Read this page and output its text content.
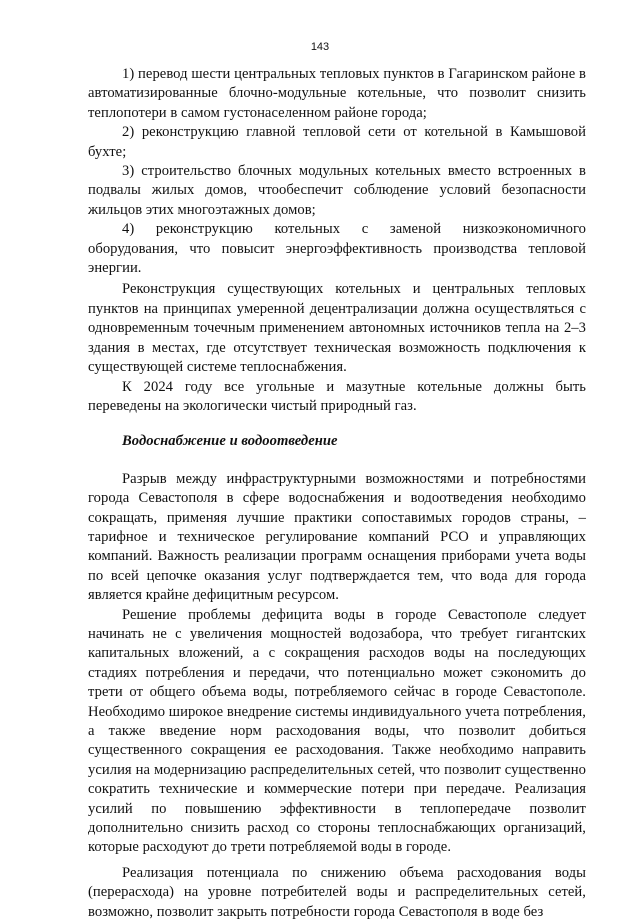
143

1) перевод шести центральных тепловых пунктов в Гагаринском районе в автоматизированные блочно-модульные котельные, что позволит снизить теплопотери в самом густонаселенном районе города;

2) реконструкцию главной тепловой сети от котельной в Камышовой бухте;

3) строительство блочных модульных котельных вместо встроенных в подвалы жилых домов, чтообеспечит соблюдение условий безопасности жильцов этих многоэтажных домов;

4) реконструкцию котельных с заменой низкоэкономичного оборудования, что повысит энергоэффективность производства тепловой энергии.

Реконструкция существующих котельных и центральных тепловых пунктов на принципах умеренной децентрализации должна осуществляться с одновременным точечным применением автономных источников тепла на 2–3 здания в местах, где отсутствует техническая возможность подключения к существующей системе теплоснабжения.

К 2024 году все угольные и мазутные котельные должны быть переведены на экологически чистый природный газ.

Водоснабжение и водоотведение

Разрыв между инфраструктурными возможностями и потребностями города Севастополя в сфере водоснабжения и водоотведения необходимо сокращать, применяя лучшие практики сопоставимых городов страны, – тарифное и техническое регулирование компаний РСО и управляющих компаний. Важность реализации программ оснащения приборами учета воды по всей цепочке оказания услуг подтверждается тем, что вода для города является крайне дефицитным ресурсом.

Решение проблемы дефицита воды в городе Севастополе следует начинать не с увеличения мощностей водозабора, что требует гигантских капитальных вложений, а с сокращения расходов воды на последующих стадиях потребления и передачи, что потенциально может сэкономить до трети от общего объема воды, потребляемого сейчас в городе Севастополе. Необходимо широкое внедрение системы индивидуального учета потребления, а также введение норм расходования воды, что позволит добиться существенного сокращения ее расходования. Также необходимо направить усилия на модернизацию распределительных сетей, что позволит существенно сократить технические и коммерческие потери при передаче. Реализация усилий по повышению эффективности в теплопередаче позволит дополнительно снизить расход со стороны теплоснабжающих организаций, которые расходуют до трети потребляемой воды в городе.

Реализация потенциала по снижению объема расходования воды (перерасхода) на уровне потребителей воды и распределительных сетей, возможно, позволит закрыть потребности города Севастополя в воде без
